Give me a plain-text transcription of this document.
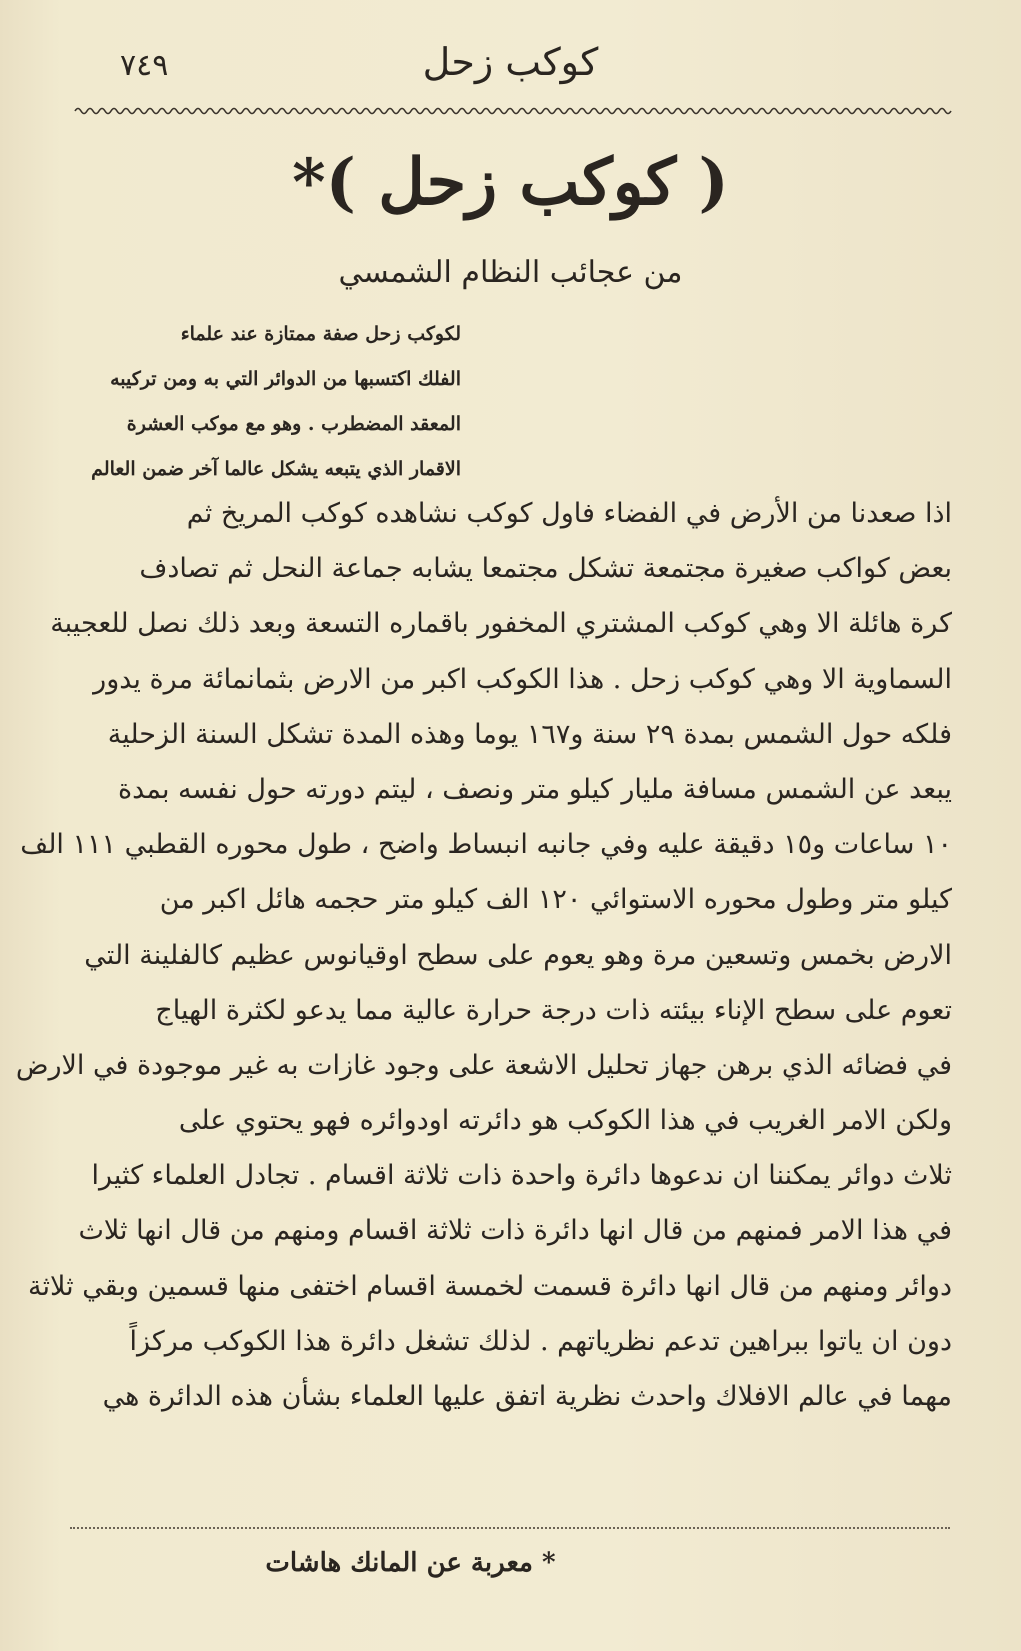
٧٤٩	كوكب زحل
( كوكب زحل )*
من عجائب النظام الشمسي
لكوكب زحل صفة ممتازة عند علماء
الفلك اكتسبها من الدوائر التي به ومن تركيبه
المعقد المضطرب . وهو مع موكب العشرة
الاقمار الذي يتبعه يشكل عالما آخر ضمن العالم
اذا صعدنا من الأرض في الفضاء فاول كوكب نشاهده كوكب المريخ ثم
بعض كواكب صغيرة مجتمعة تشكل مجتمعا يشابه جماعة النحل ثم تصادف
كرة هائلة الا وهي كوكب المشتري المخفور باقماره التسعة وبعد ذلك نصل للعجيبة
السماوية الا وهي كوكب زحل . هذا الكوكب اكبر من الارض بثمانمائة مرة يدور
فلكه حول الشمس بمدة ٢٩ سنة و١٦٧ يوما وهذه المدة تشكل السنة الزحلية
يبعد عن الشمس مسافة مليار كيلو متر ونصف ، ليتم دورته حول نفسه بمدة
١٠ ساعات و١٥ دقيقة عليه وفي جانبه انبساط واضح ، طول محوره القطبي ١١١ الف
كيلو متر وطول محوره الاستوائي ١٢٠ الف كيلو متر حجمه هائل اكبر من
الارض بخمس وتسعين مرة وهو يعوم على سطح اوقيانوس عظيم كالفلينة التي
تعوم على سطح الإناء بيئته ذات درجة حرارة عالية مما يدعو لكثرة الهياج
في فضائه الذي برهن جهاز تحليل الاشعة على وجود غازات به غير موجودة في الارض
ولكن الامر الغريب في هذا الكوكب هو دائرته اودوائره فهو يحتوي على
ثلاث دوائر يمكننا ان ندعوها دائرة واحدة ذات ثلاثة اقسام . تجادل العلماء كثيرا
في هذا الامر فمنهم من قال انها دائرة ذات ثلاثة اقسام ومنهم من قال انها ثلاث
دوائر ومنهم من قال انها دائرة قسمت لخمسة اقسام اختفى منها قسمين وبقي ثلاثة
دون ان ياتوا ببراهين تدعم نظرياتهم . لذلك تشغل دائرة هذا الكوكب مركزاً
مهما في عالم الافلاك واحدث نظرية اتفق عليها العلماء بشأن هذه الدائرة هي
* معربة عن المانك هاشات
